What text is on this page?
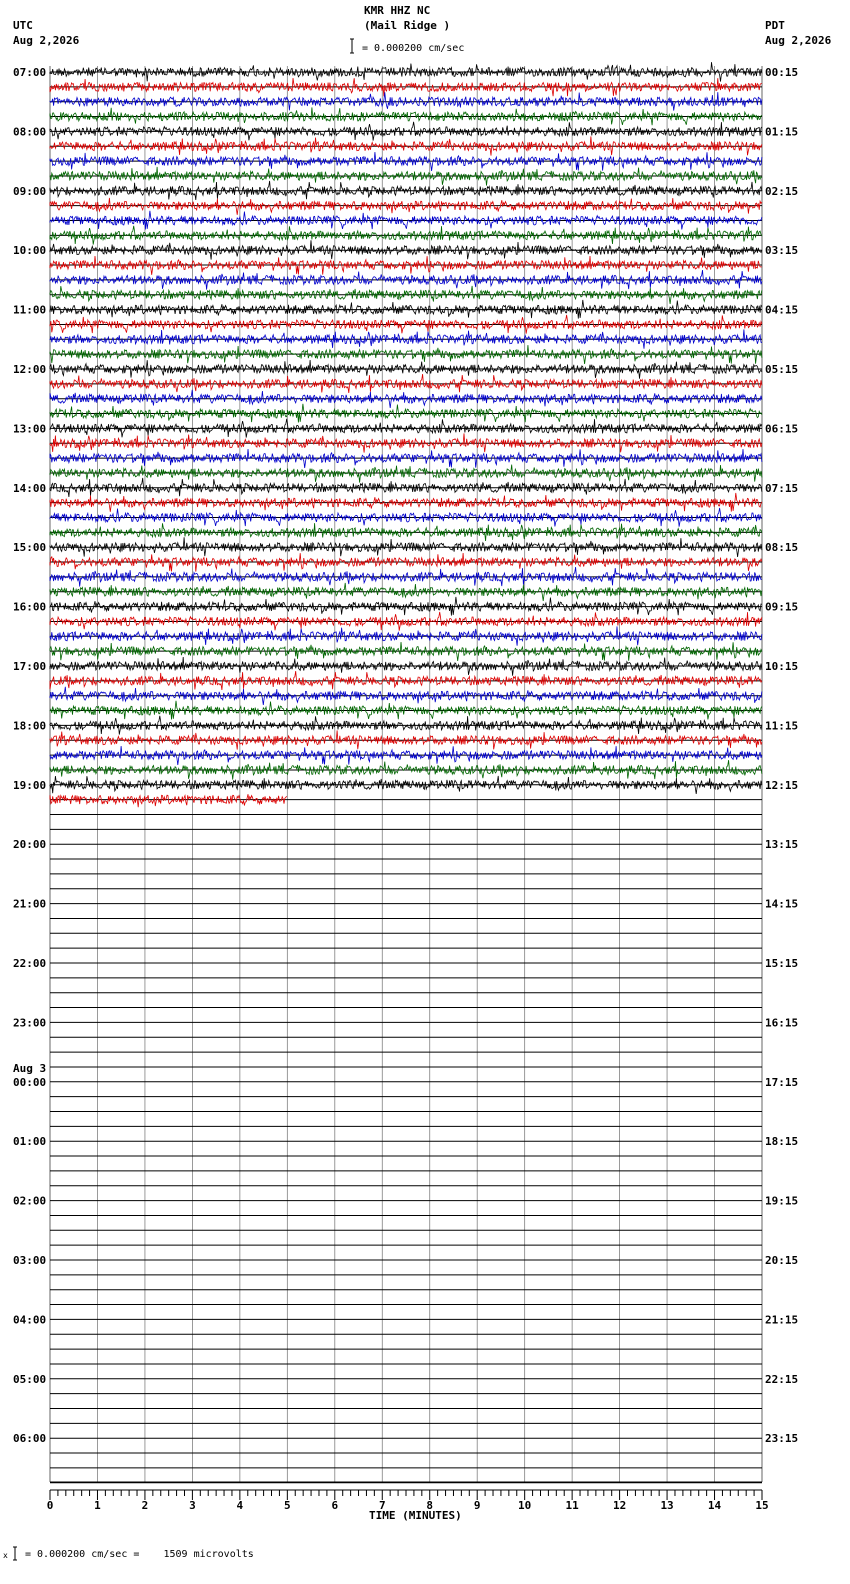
KMR HHZ NC
(Mail Ridge )
UTC
Aug 2,2026
PDT
Aug 2,2026
= 0.000200 cm/sec
= 0.000200 cm/sec =    1509 microvolts
x
TIME (MINUTES)
07:00	00:15
08:00	01:15
09:00	02:15
10:00	03:15
11:00	04:15
12:00	05:15
13:00	06:15
14:00	07:15
15:00	08:15
16:00	09:15
17:00	10:15
18:00	11:15
19:00	12:15
20:00	13:15
21:00	14:15
22:00	15:15
23:00	16:15
00:00	17:15
Aug 3
01:00	18:15
02:00	19:15
03:00	20:15
04:00	21:15
05:00	22:15
06:00	23:15
0	1	2	3	4	5	6	7	8	9	10	11	12	13	14	15
